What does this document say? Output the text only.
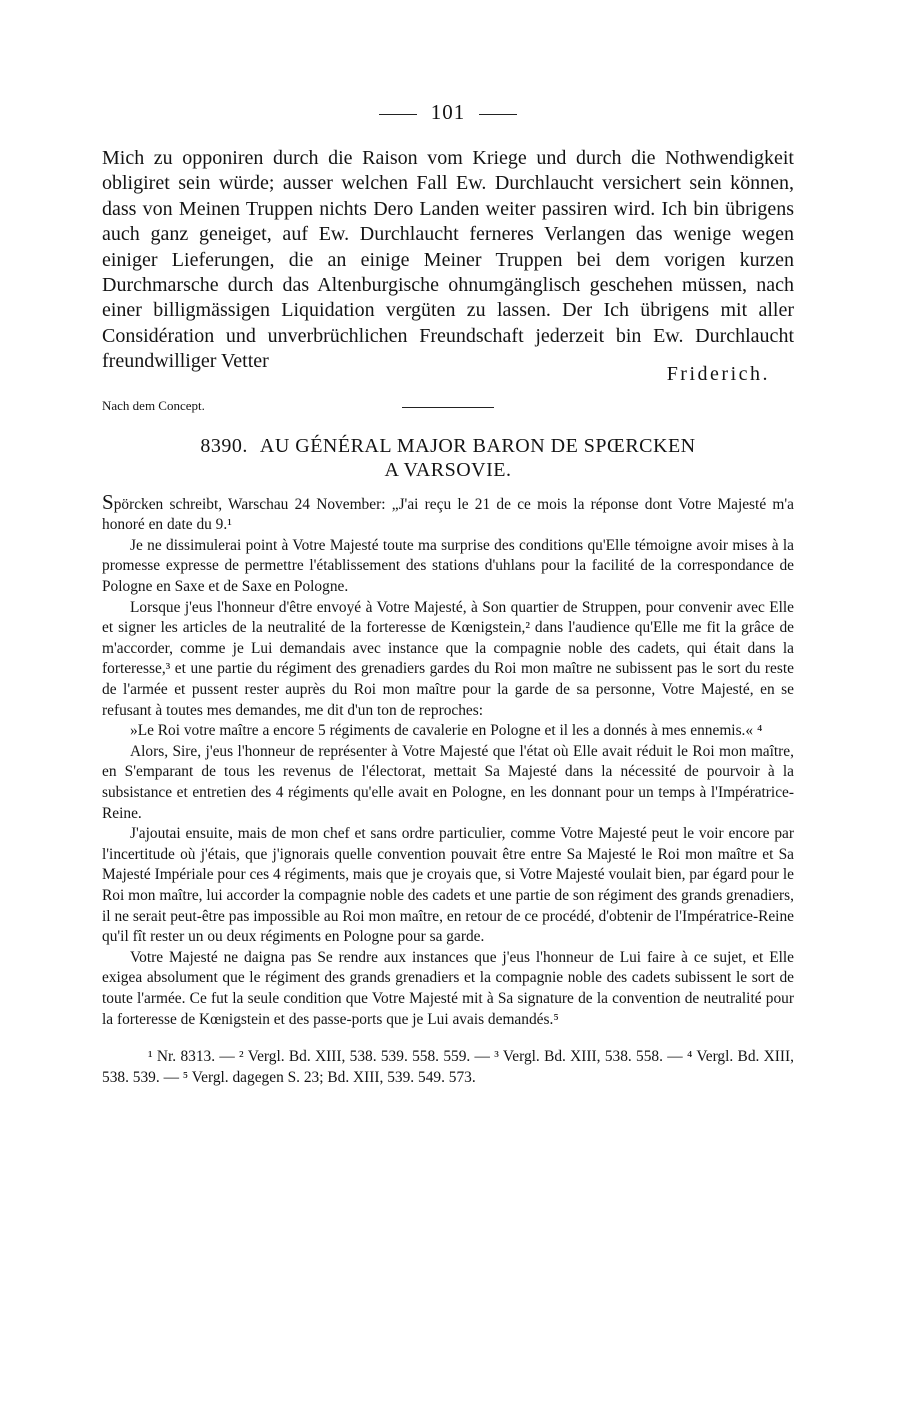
101

Mich zu opponiren durch die Raison vom Kriege und durch die Nothwendigkeit obligiret sein würde; ausser welchen Fall Ew. Durchlaucht versichert sein können, dass von Meinen Truppen nichts Dero Landen weiter passiren wird. Ich bin übrigens auch ganz geneiget, auf Ew. Durchlaucht ferneres Verlangen das wenige wegen einiger Lieferungen, die an einige Meiner Truppen bei dem vorigen kurzen Durchmarsche durch das Altenburgische ohnumgänglisch geschehen müssen, nach einer billigmässigen Liquidation vergüten zu lassen. Der Ich übrigens mit aller Considération und unverbrüchlichen Freundschaft jederzeit bin Ew. Durchlaucht freundwilliger Vetter

Friderich.
Nach dem Concept.
8390. AU GÉNÉRAL MAJOR BARON DE SPŒRCKEN
A VARSOVIE.

Spörcken schreibt, Warschau 24 November: „J'ai reçu le 21 de ce mois la réponse dont Votre Majesté m'a honoré en date du 9.¹

Je ne dissimulerai point à Votre Majesté toute ma surprise des conditions qu'Elle témoigne avoir mises à la promesse expresse de permettre l'établissement des stations d'uhlans pour la facilité de la correspondance de Pologne en Saxe et de Saxe en Pologne.

Lorsque j'eus l'honneur d'être envoyé à Votre Majesté, à Son quartier de Struppen, pour convenir avec Elle et signer les articles de la neutralité de la forteresse de Kœnigstein,² dans l'audience qu'Elle me fit la grâce de m'accorder, comme je Lui demandais avec instance que la compagnie noble des cadets, qui était dans la forteresse,³ et une partie du régiment des grenadiers gardes du Roi mon maître ne subissent pas le sort du reste de l'armée et pussent rester auprès du Roi mon maître pour la garde de sa personne, Votre Majesté, en se refusant à toutes mes demandes, me dit d'un ton de reproches:

»Le Roi votre maître a encore 5 régiments de cavalerie en Pologne et il les a donnés à mes ennemis.« ⁴

Alors, Sire, j'eus l'honneur de représenter à Votre Majesté que l'état où Elle avait réduit le Roi mon maître, en S'emparant de tous les revenus de l'électorat, mettait Sa Majesté dans la nécessité de pourvoir à la subsistance et entretien des 4 régiments qu'elle avait en Pologne, en les donnant pour un temps à l'Impératrice-Reine.

J'ajoutai ensuite, mais de mon chef et sans ordre particulier, comme Votre Majesté peut le voir encore par l'incertitude où j'étais, que j'ignorais quelle convention pouvait être entre Sa Majesté le Roi mon maître et Sa Majesté Impériale pour ces 4 régiments, mais que je croyais que, si Votre Majesté voulait bien, par égard pour le Roi mon maître, lui accorder la compagnie noble des cadets et une partie de son régiment des grands grenadiers, il ne serait peut-être pas impossible au Roi mon maître, en retour de ce procédé, d'obtenir de l'Impératrice-Reine qu'il fît rester un ou deux régiments en Pologne pour sa garde.

Votre Majesté ne daigna pas Se rendre aux instances que j'eus l'honneur de Lui faire à ce sujet, et Elle exigea absolument que le régiment des grands grenadiers et la compagnie noble des cadets subissent le sort de toute l'armée. Ce fut la seule condition que Votre Majesté mit à Sa signature de la convention de neutralité pour la forteresse de Kœnigstein et des passe-ports que je Lui avais demandés.⁵

¹ Nr. 8313. — ² Vergl. Bd. XIII, 538. 539. 558. 559. — ³ Vergl. Bd. XIII, 538. 558. — ⁴ Vergl. Bd. XIII, 538. 539. — ⁵ Vergl. dagegen S. 23; Bd. XIII, 539. 549. 573.
